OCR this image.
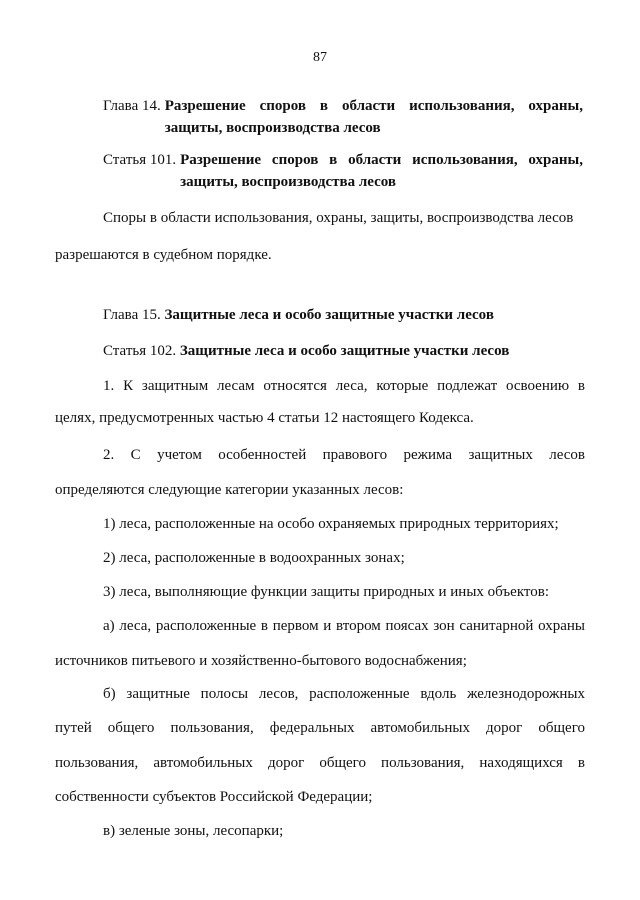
87
Глава 14. Разрешение споров в области использования, охраны, защиты, воспроизводства лесов
Статья 101. Разрешение споров в области использования, охраны, защиты, воспроизводства лесов
Споры в области использования, охраны, защиты, воспроизводства лесов
разрешаются в судебном порядке.
Глава 15. Защитные леса и особо защитные участки лесов
Статья 102. Защитные леса и особо защитные участки лесов
1. К защитным лесам относятся леса, которые подлежат освоению в
целях, предусмотренных частью 4 статьи 12 настоящего Кодекса.
2. С учетом особенностей правового режима защитных лесов
определяются следующие категории указанных лесов:
1) леса, расположенные на особо охраняемых природных территориях;
2) леса, расположенные в водоохранных зонах;
3) леса, выполняющие функции защиты природных и иных объектов:
а) леса, расположенные в первом и втором поясах зон санитарной охраны
источников питьевого и хозяйственно-бытового водоснабжения;
б) защитные полосы лесов, расположенные вдоль железнодорожных
путей общего пользования, федеральных автомобильных дорог общего
пользования, автомобильных дорог общего пользования, находящихся в
собственности субъектов Российской Федерации;
в) зеленые зоны, лесопарки;
